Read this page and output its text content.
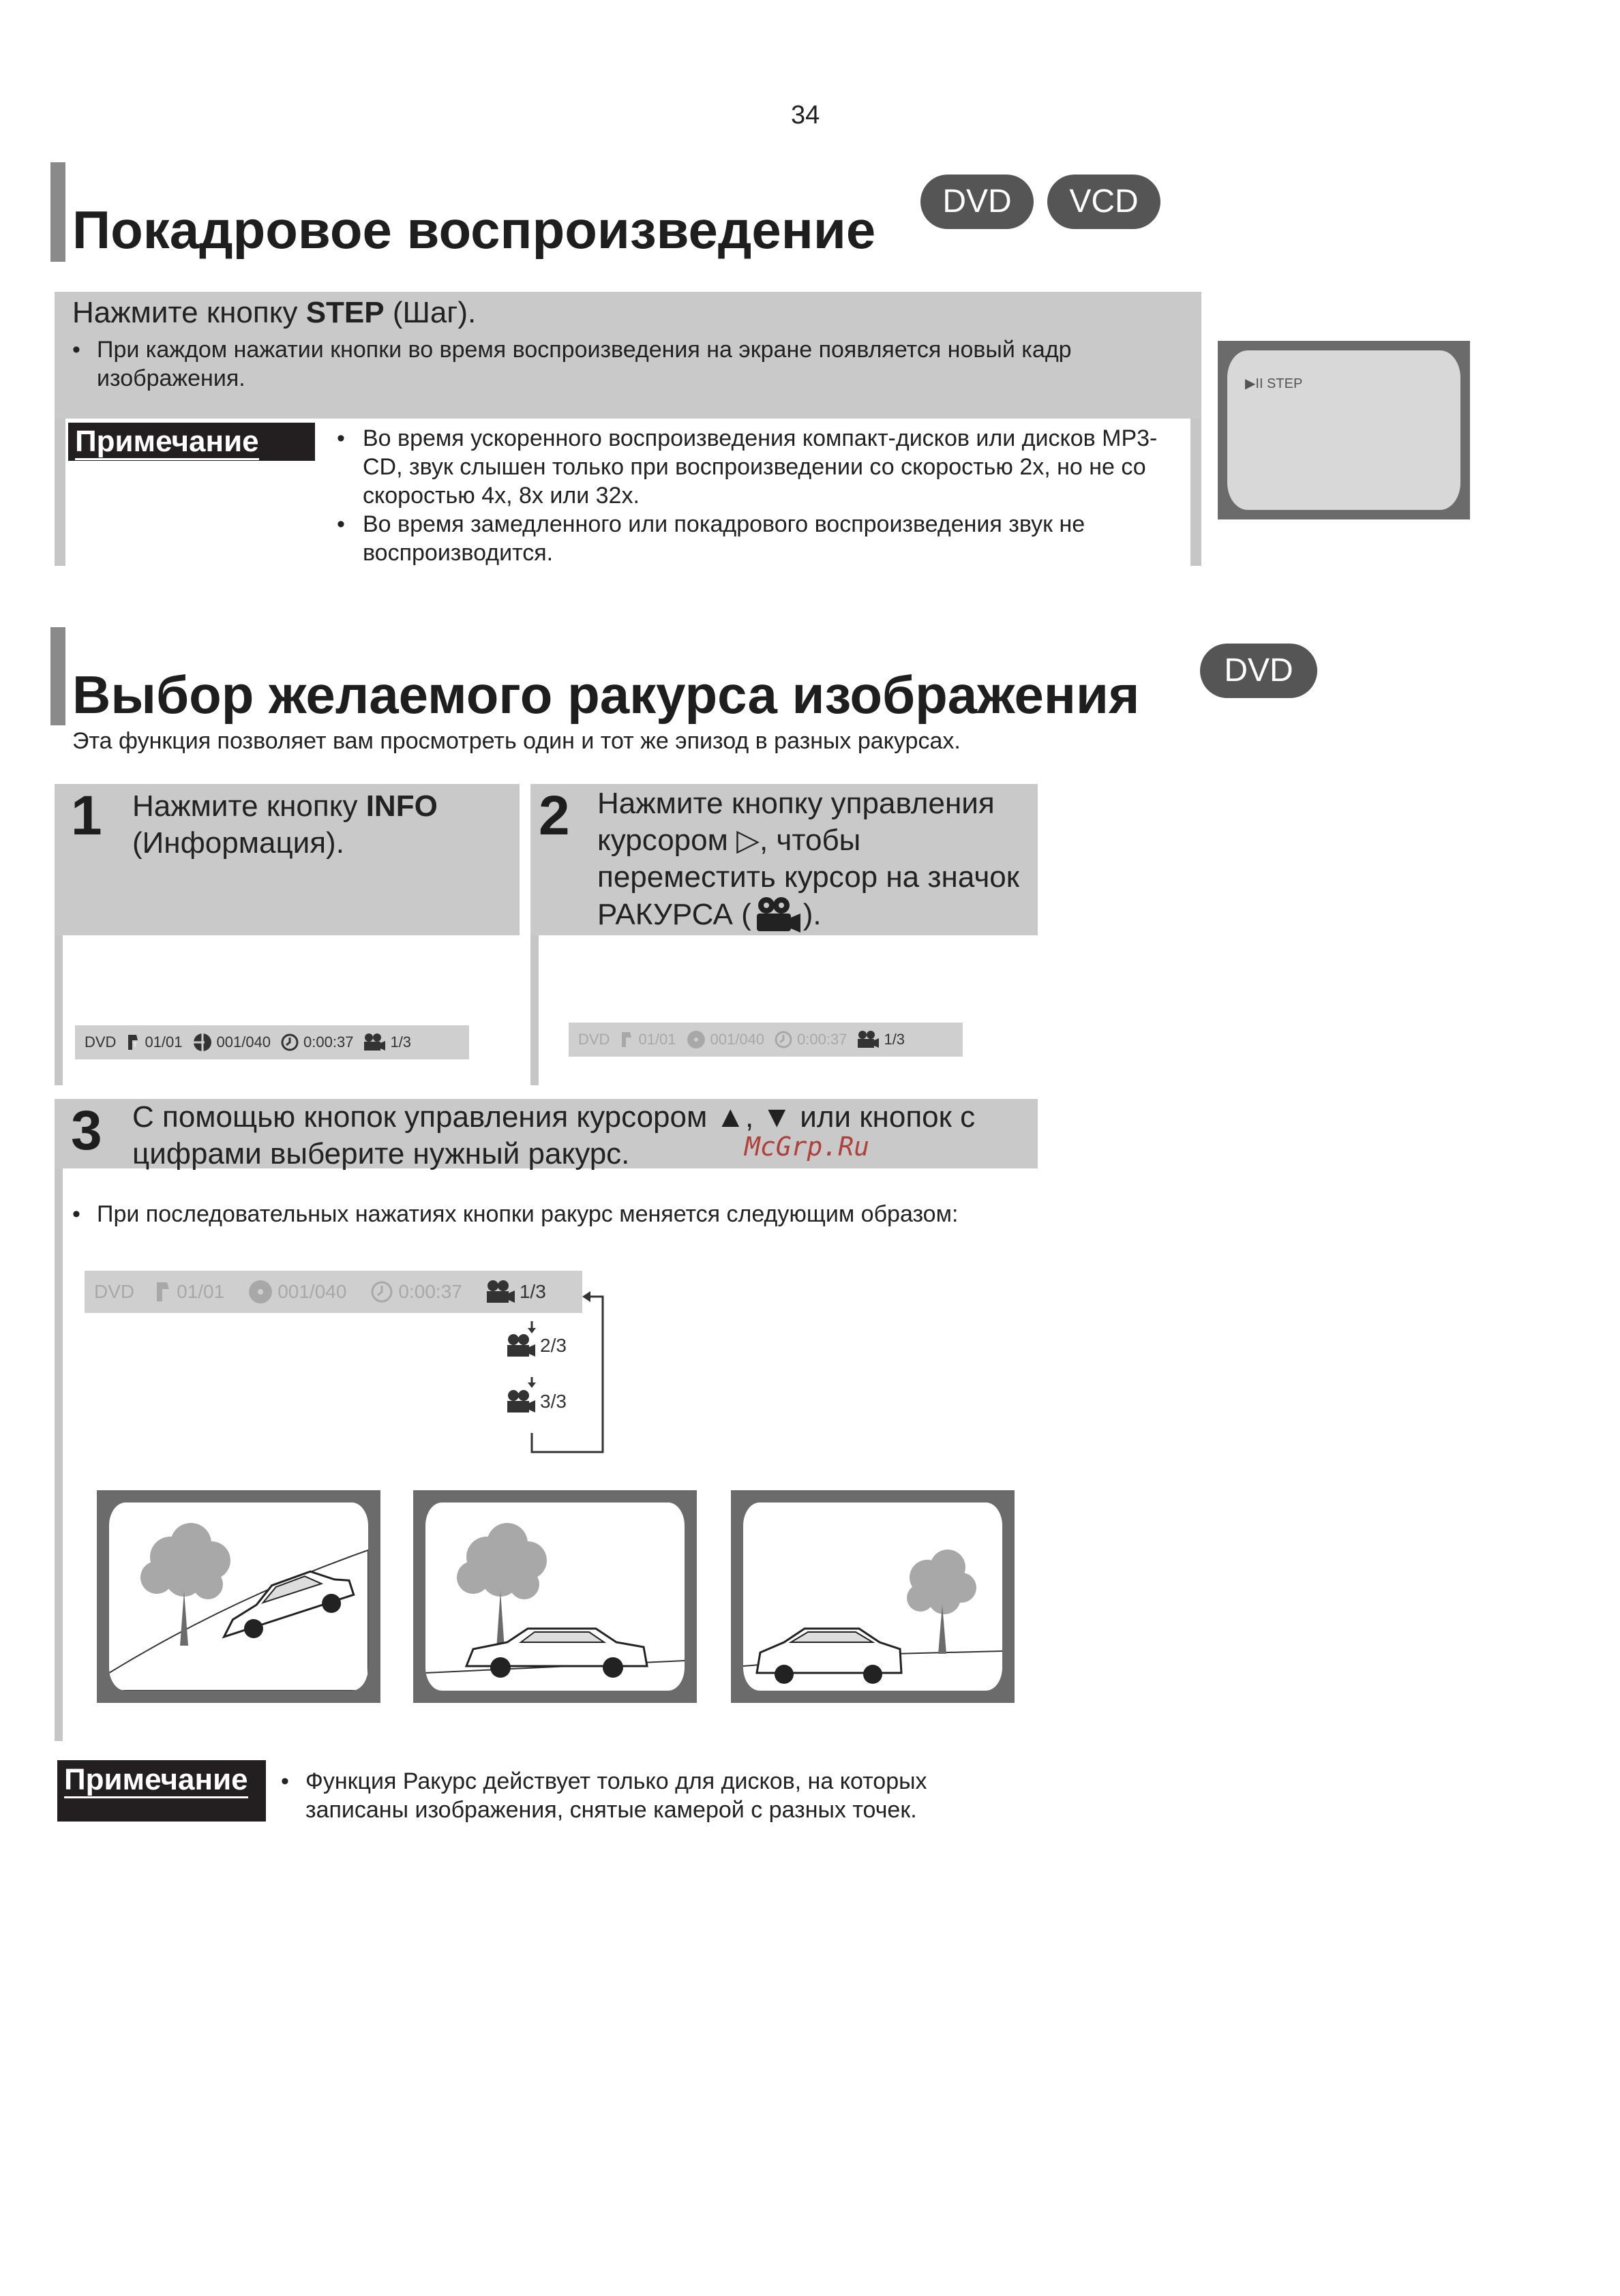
34
Покадровое воспроизведение	DVD	VCD
Нажмите кнопку STEP (Шаг).
• При каждом нажатии кнопки во время воспроизведения на экране появляется новый кадр изображения.
Примечание	• Во время ускоренного воспроизведения компакт-дисков или дисков MP3-CD, звук слышен только при воспроизведении со скоростью 2x, но не со скоростью 4x, 8x или 32x.
• Во время замедленного или покадрового воспроизведения звук не воспроизводится.
▶II STEP
Выбор желаемого ракурса изображения	DVD
Эта функция позволяет вам просмотреть один и тот же эпизод в разных ракурсах.
1 Нажмите кнопку INFO
(Информация).
DVD	T 01/01 001/040 0:00:37 1/3
2 Нажмите кнопку управления
курсором ▷, чтобы
переместить курсор на значок
РАКУРСА ( ).
DVD 01/01 001/040 0:00:37 1/3
3 С помощью кнопок управления курсором ▲, ▼ или кнопок с
цифрами выберите нужный ракурс.	McGrp.Ru
• При последовательных нажатиях кнопки ракурс меняется следующим образом:
DVD 01/01	001/040	0:00:37	1/3
2/3
3/3
Примечание	• Функция Ракурс действует только для дисков, на которых записаны изображения, снятые камерой с разных точек.
